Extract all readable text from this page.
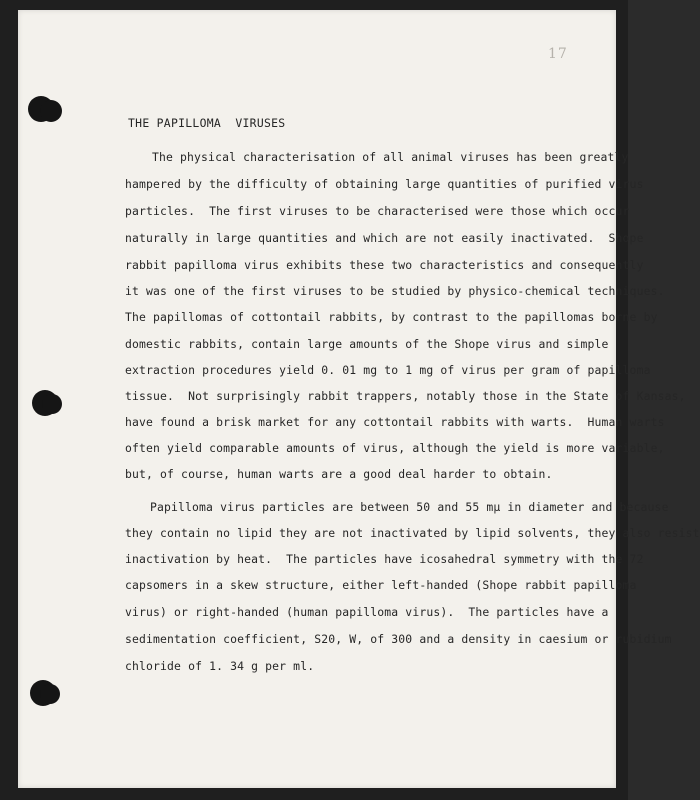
17
THE PAPILLOMA  VIRUSES
The physical characterisation of all animal viruses has been greatly
hampered by the difficulty of obtaining large quantities of purified virus
particles.  The first viruses to be characterised were those which occur
naturally in large quantities and which are not easily inactivated.  Shope
rabbit papilloma virus exhibits these two characteristics and consequently
it was one of the first viruses to be studied by physico-chemical techniques.
The papillomas of cottontail rabbits, by contrast to the papillomas borne by
domestic rabbits, contain large amounts of the Shope virus and simple
extraction procedures yield 0. 01 mg to 1 mg of virus per gram of papilloma
tissue.  Not surprisingly rabbit trappers, notably those in the State of Kansas,
have found a brisk market for any cottontail rabbits with warts.  Human warts
often yield comparable amounts of virus, although the yield is more variable,
but, of course, human warts are a good deal harder to obtain.
Papilloma virus particles are between 50 and 55 mμ in diameter and because
they contain no lipid they are not inactivated by lipid solvents, they also resist
inactivation by heat.  The particles have icosahedral symmetry with the 72
capsomers in a skew structure, either left-handed (Shope rabbit papilloma
virus) or right-handed (human papilloma virus).  The particles have a
sedimentation coefficient, S20, W, of 300 and a density in caesium or rubidium
chloride of 1. 34 g per ml.
